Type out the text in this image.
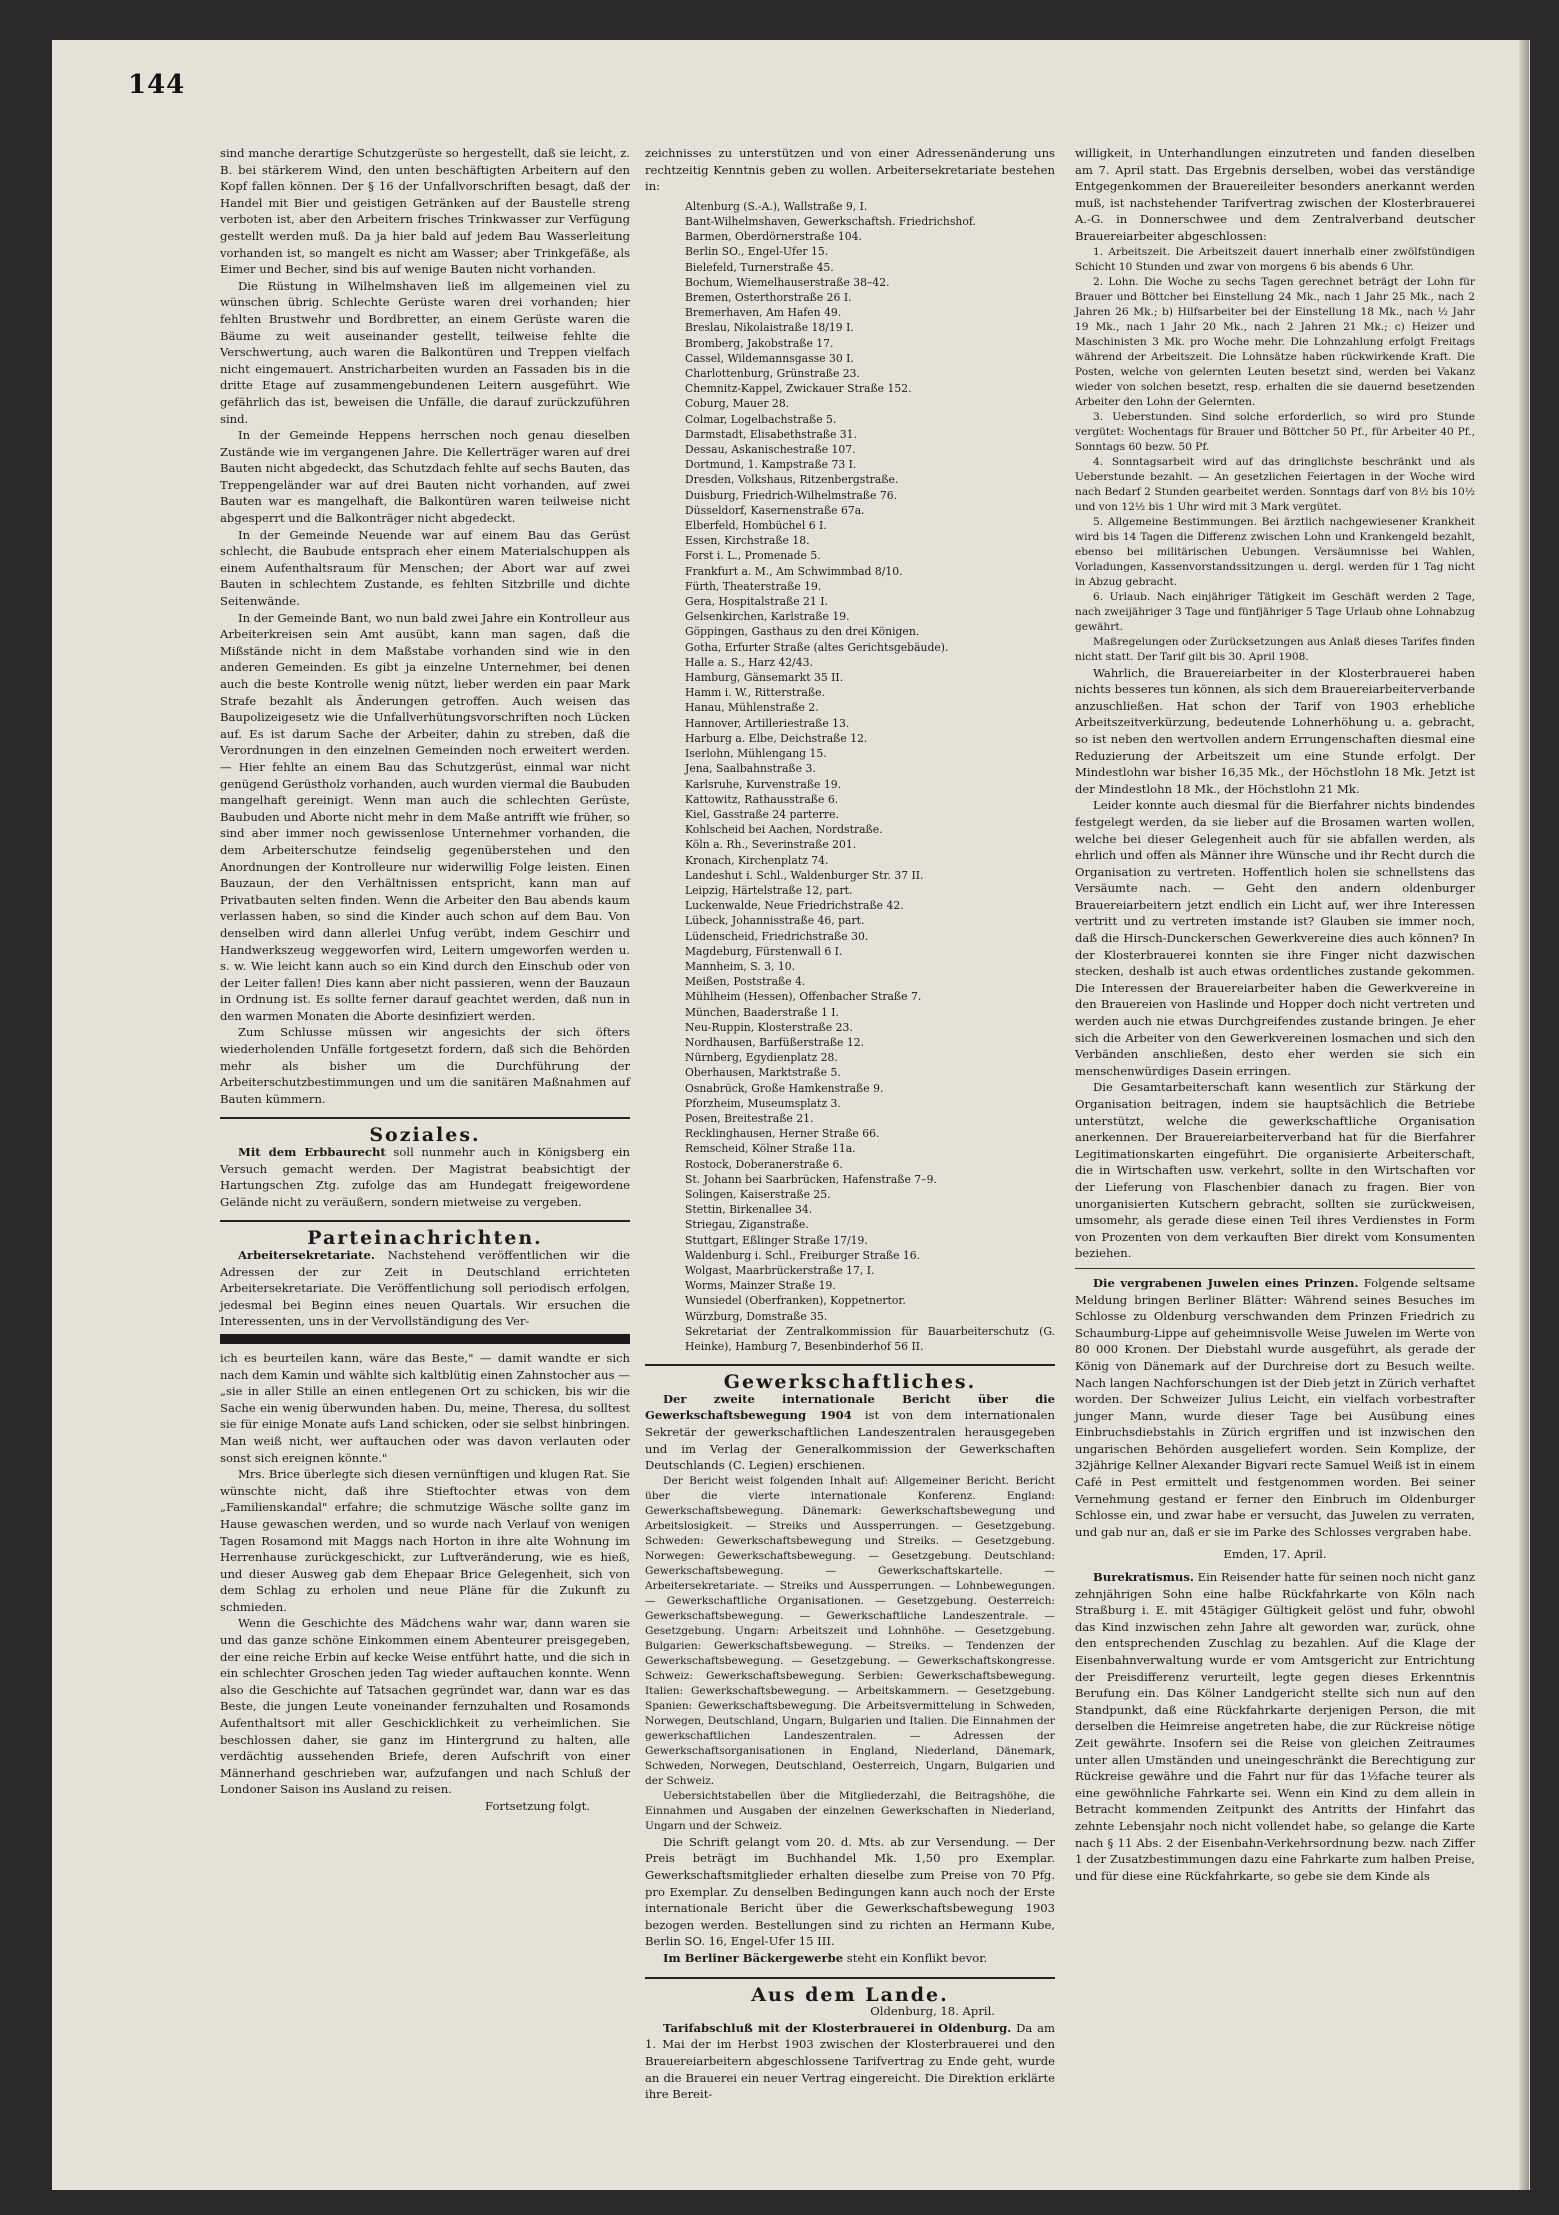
144

sind manche derartige Schutzgerüste so hergestellt, daß sie leicht, z. B. bei stärkerem Wind, den unten beschäftigten Arbeitern auf den Kopf fallen können. Der § 16 der Unfallvorschriften besagt, daß der Handel mit Bier und geistigen Getränken auf der Baustelle streng verboten ist, aber den Arbeitern frisches Trinkwasser zur Verfügung gestellt werden muß. Da ja hier bald auf jedem Bau Wasserleitung vorhanden ist, so mangelt es nicht am Wasser; aber Trinkgefäße, als Eimer und Becher, sind bis auf wenige Bauten nicht vorhanden.

Die Rüstung in Wilhelmshaven ließ im allgemeinen viel zu wünschen übrig. Schlechte Gerüste waren drei vorhanden; hier fehlten Brustwehr und Bordbretter, an einem Gerüste waren die Bäume zu weit auseinander gestellt, teilweise fehlte die Verschwertung, auch waren die Balkontüren und Treppen vielfach nicht eingemauert. Anstricharbeiten wurden an Fassaden bis in die dritte Etage auf zusammengebundenen Leitern ausgeführt. Wie gefährlich das ist, beweisen die Unfälle, die darauf zurückzuführen sind.

In der Gemeinde Heppens herrschen noch genau dieselben Zustände wie im vergangenen Jahre. Die Kellerträger waren auf drei Bauten nicht abgedeckt, das Schutzdach fehlte auf sechs Bauten, das Treppengeländer war auf drei Bauten nicht vorhanden, auf zwei Bauten war es mangelhaft, die Balkontüren waren teilweise nicht abgesperrt und die Balkonträger nicht abgedeckt.

In der Gemeinde Neuende war auf einem Bau das Gerüst schlecht, die Baubude entsprach eher einem Materialschuppen als einem Aufenthaltsraum für Menschen; der Abort war auf zwei Bauten in schlechtem Zustande, es fehlten Sitzbrille und dichte Seitenwände.

In der Gemeinde Bant, wo nun bald zwei Jahre ein Kontrolleur aus Arbeiterkreisen sein Amt ausübt, kann man sagen, daß die Mißstände nicht in dem Maßstabe vorhanden sind wie in den anderen Gemeinden. Es gibt ja einzelne Unternehmer, bei denen auch die beste Kontrolle wenig nützt, lieber werden ein paar Mark Strafe bezahlt als Änderungen getroffen. Auch weisen das Baupolizeigesetz wie die Unfallverhütungsvorschriften noch Lücken auf. Es ist darum Sache der Arbeiter, dahin zu streben, daß die Verordnungen in den einzelnen Gemeinden noch erweitert werden. — Hier fehlte an einem Bau das Schutzgerüst, einmal war nicht genügend Gerüstholz vorhanden, auch wurden viermal die Baubuden mangelhaft gereinigt. Wenn man auch die schlechten Gerüste, Baubuden und Aborte nicht mehr in dem Maße antrifft wie früher, so sind aber immer noch gewissenlose Unternehmer vorhanden, die dem Arbeiterschutze feindselig gegenüberstehen und den Anordnungen der Kontrolleure nur widerwillig Folge leisten. Einen Bauzaun, der den Verhältnissen entspricht, kann man auf Privatbauten selten finden. Wenn die Arbeiter den Bau abends kaum verlassen haben, so sind die Kinder auch schon auf dem Bau. Von denselben wird dann allerlei Unfug verübt, indem Geschirr und Handwerkszeug weggeworfen wird, Leitern umgeworfen werden u. s. w. Wie leicht kann auch so ein Kind durch den Einschub oder von der Leiter fallen! Dies kann aber nicht passieren, wenn der Bauzaun in Ordnung ist. Es sollte ferner darauf geachtet werden, daß nun in den warmen Monaten die Aborte desinfiziert werden.

Zum Schlusse müssen wir angesichts der sich öfters wiederholenden Unfälle fortgesetzt fordern, daß sich die Behörden mehr als bisher um die Durchführung der Arbeiterschutzbestimmungen und um die sanitären Maßnahmen auf Bauten kümmern.

Soziales.

Mit dem Erbbaurecht soll nunmehr auch in Königsberg ein Versuch gemacht werden. Der Magistrat beabsichtigt der Hartungschen Ztg. zufolge das am Hundegatt freigewordene Gelände nicht zu veräußern, sondern mietweise zu vergeben.

Parteinachrichten.

Arbeitersekretariate. Nachstehend veröffentlichen wir die Adressen der zur Zeit in Deutschland errichteten Arbeitersekretariate. Die Veröffentlichung soll periodisch erfolgen, jedesmal bei Beginn eines neuen Quartals. Wir ersuchen die Interessenten, uns in der Vervollständigung des Ver-

ich es beurteilen kann, wäre das Beste," — damit wandte er sich nach dem Kamin und wählte sich kaltblütig einen Zahnstocher aus — „sie in aller Stille an einen entlegenen Ort zu schicken, bis wir die Sache ein wenig überwunden haben. Du, meine, Theresa, du solltest sie für einige Monate aufs Land schicken, oder sie selbst hinbringen. Man weiß nicht, wer auftauchen oder was davon verlauten oder sonst sich ereignen könnte."

Mrs. Brice überlegte sich diesen vernünftigen und klugen Rat. Sie wünschte nicht, daß ihre Stieftochter etwas von dem „Familienskandal" erfahre; die schmutzige Wäsche sollte ganz im Hause gewaschen werden, und so wurde nach Verlauf von wenigen Tagen Rosamond mit Maggs nach Horton in ihre alte Wohnung im Herrenhause zurückgeschickt, zur Luftveränderung, wie es hieß, und dieser Ausweg gab dem Ehepaar Brice Gelegenheit, sich von dem Schlag zu erholen und neue Pläne für die Zukunft zu schmieden.

Wenn die Geschichte des Mädchens wahr war, dann waren sie und das ganze schöne Einkommen einem Abenteurer preisgegeben, der eine reiche Erbin auf kecke Weise entführt hatte, und die sich in ein schlechter Groschen jeden Tag wieder auftauchen konnte. Wenn also die Geschichte auf Tatsachen gegründet war, dann war es das Beste, die jungen Leute voneinander fernzuhalten und Rosamonds Aufenthaltsort mit aller Geschicklichkeit zu verheimlichen. Sie beschlossen daher, sie ganz im Hintergrund zu halten, alle verdächtig aussehenden Briefe, deren Aufschrift von einer Männerhand geschrieben war, aufzufangen und nach Schluß der Londoner Saison ins Ausland zu reisen.

Fortsetzung folgt.

zeichnisses zu unterstützen und von einer Adressenänderung uns rechtzeitig Kenntnis geben zu wollen. Arbeitersekretariate bestehen in:

Altenburg (S.-A.), Wallstraße 9, I.

Bant-Wilhelmshaven, Gewerkschaftsh. Friedrichshof.

Barmen, Oberdörnerstraße 104.

Berlin SO., Engel-Ufer 15.

Bielefeld, Turnerstraße 45.

Bochum, Wiemelhauserstraße 38–42.

Bremen, Osterthorstraße 26 I.

Bremerhaven, Am Hafen 49.

Breslau, Nikolaistraße 18/19 I.

Bromberg, Jakobstraße 17.

Cassel, Wildemannsgasse 30 I.

Charlottenburg, Grünstraße 23.

Chemnitz-Kappel, Zwickauer Straße 152.

Coburg, Mauer 28.

Colmar, Logelbachstraße 5.

Darmstadt, Elisabethstraße 31.

Dessau, Askanischestraße 107.

Dortmund, 1. Kampstraße 73 I.

Dresden, Volkshaus, Ritzenbergstraße.

Duisburg, Friedrich-Wilhelmstraße 76.

Düsseldorf, Kasernenstraße 67a.

Elberfeld, Hombüchel 6 I.

Essen, Kirchstraße 18.

Forst i. L., Promenade 5.

Frankfurt a. M., Am Schwimmbad 8/10.

Fürth, Theaterstraße 19.

Gera, Hospitalstraße 21 I.

Gelsenkirchen, Karlstraße 19.

Göppingen, Gasthaus zu den drei Königen.

Gotha, Erfurter Straße (altes Gerichtsgebäude).

Halle a. S., Harz 42/43.

Hamburg, Gänsemarkt 35 II.

Hamm i. W., Ritterstraße.

Hanau, Mühlenstraße 2.

Hannover, Artilleriestraße 13.

Harburg a. Elbe, Deichstraße 12.

Iserlohn, Mühlengang 15.

Jena, Saalbahnstraße 3.

Karlsruhe, Kurvenstraße 19.

Kattowitz, Rathausstraße 6.

Kiel, Gasstraße 24 parterre.

Kohlscheid bei Aachen, Nordstraße.

Köln a. Rh., Severinstraße 201.

Kronach, Kirchenplatz 74.

Landeshut i. Schl., Waldenburger Str. 37 II.

Leipzig, Härtelstraße 12, part.

Luckenwalde, Neue Friedrichstraße 42.

Lübeck, Johannisstraße 46, part.

Lüdenscheid, Friedrichstraße 30.

Magdeburg, Fürstenwall 6 I.

Mannheim, S. 3, 10.

Meißen, Poststraße 4.

Mühlheim (Hessen), Offenbacher Straße 7.

München, Baaderstraße 1 I.

Neu-Ruppin, Klosterstraße 23.

Nordhausen, Barfüßerstraße 12.

Nürnberg, Egydienplatz 28.

Oberhausen, Marktstraße 5.

Osnabrück, Große Hamkenstraße 9.

Pforzheim, Museumsplatz 3.

Posen, Breitestraße 21.

Recklinghausen, Herner Straße 66.

Remscheid, Kölner Straße 11a.

Rostock, Doberanerstraße 6.

St. Johann bei Saarbrücken, Hafenstraße 7–9.

Solingen, Kaiserstraße 25.

Stettin, Birkenallee 34.

Striegau, Ziganstraße.

Stuttgart, Eßlinger Straße 17/19.

Waldenburg i. Schl., Freiburger Straße 16.

Wolgast, Maarbrückerstraße 17, I.

Worms, Mainzer Straße 19.

Wunsiedel (Oberfranken), Koppetnertor.

Würzburg, Domstraße 35.

Sekretariat der Zentralkommission für Bauarbeiterschutz (G. Heinke), Hamburg 7, Besenbinderhof 56 II.

Gewerkschaftliches.

Der zweite internationale Bericht über die Gewerkschaftsbewegung 1904 ist von dem internationalen Sekretär der gewerkschaftlichen Landeszentralen herausgegeben und im Verlag der Generalkommission der Gewerkschaften Deutschlands (C. Legien) erschienen.

Der Bericht weist folgenden Inhalt auf: Allgemeiner Bericht. Bericht über die vierte internationale Konferenz. England: Gewerkschaftsbewegung. Dänemark: Gewerkschaftsbewegung und Arbeitslosigkeit. — Streiks und Aussperrungen. — Gesetzgebung. Schweden: Gewerkschaftsbewegung und Streiks. — Gesetzgebung. Norwegen: Gewerkschaftsbewegung. — Gesetzgebung. Deutschland: Gewerkschaftsbewegung. — Gewerkschaftskartelle. — Arbeitersekretariate. — Streiks und Aussperrungen. — Lohnbewegungen. — Gewerkschaftliche Organisationen. — Gesetzgebung. Oesterreich: Gewerkschaftsbewegung. — Gewerkschaftliche Landeszentrale. — Gesetzgebung. Ungarn: Arbeitszeit und Lohnhöhe. — Gesetzgebung. Bulgarien: Gewerkschaftsbewegung. — Streiks. — Tendenzen der Gewerkschaftsbewegung. — Gesetzgebung. — Gewerkschaftskongresse. Schweiz: Gewerkschaftsbewegung. Serbien: Gewerkschaftsbewegung. Italien: Gewerkschaftsbewegung. — Arbeitskammern. — Gesetzgebung. Spanien: Gewerkschaftsbewegung. Die Arbeitsvermittelung in Schweden, Norwegen, Deutschland, Ungarn, Bulgarien und Italien. Die Einnahmen der gewerkschaftlichen Landeszentralen. — Adressen der Gewerkschaftsorganisationen in England, Niederland, Dänemark, Schweden, Norwegen, Deutschland, Oesterreich, Ungarn, Bulgarien und der Schweiz.

Uebersichtstabellen über die Mitgliederzahl, die Beitragshöhe, die Einnahmen und Ausgaben der einzelnen Gewerkschaften in Niederland, Ungarn und der Schweiz.

Die Schrift gelangt vom 20. d. Mts. ab zur Versendung. — Der Preis beträgt im Buchhandel Mk. 1,50 pro Exemplar. Gewerkschaftsmitglieder erhalten dieselbe zum Preise von 70 Pfg. pro Exemplar. Zu denselben Bedingungen kann auch noch der Erste internationale Bericht über die Gewerkschaftsbewegung 1903 bezogen werden. Bestellungen sind zu richten an Hermann Kube, Berlin SO. 16, Engel-Ufer 15 III.

Im Berliner Bäckergewerbe steht ein Konflikt bevor.

Aus dem Lande.

Oldenburg, 18. April.

Tarifabschluß mit der Klosterbrauerei in Oldenburg. Da am 1. Mai der im Herbst 1903 zwischen der Klosterbrauerei und den Brauereiarbeitern abgeschlossene Tarifvertrag zu Ende geht, wurde an die Brauerei ein neuer Vertrag eingereicht. Die Direktion erklärte ihre Bereit-

willigkeit, in Unterhandlungen einzutreten und fanden dieselben am 7. April statt. Das Ergebnis derselben, wobei das verständige Entgegenkommen der Brauereileiter besonders anerkannt werden muß, ist nachstehender Tarifvertrag zwischen der Klosterbrauerei A.-G. in Donnerschwee und dem Zentralverband deutscher Brauereiarbeiter abgeschlossen:

1. Arbeitszeit. Die Arbeitszeit dauert innerhalb einer zwölfstündigen Schicht 10 Stunden und zwar von morgens 6 bis abends 6 Uhr.

2. Lohn. Die Woche zu sechs Tagen gerechnet beträgt der Lohn für Brauer und Böttcher bei Einstellung 24 Mk., nach 1 Jahr 25 Mk., nach 2 Jahren 26 Mk.; b) Hilfsarbeiter bei der Einstellung 18 Mk., nach ½ Jahr 19 Mk., nach 1 Jahr 20 Mk., nach 2 Jahren 21 Mk.; c) Heizer und Maschinisten 3 Mk. pro Woche mehr. Die Lohnzahlung erfolgt Freitags während der Arbeitszeit. Die Lohnsätze haben rückwirkende Kraft. Die Posten, welche von gelernten Leuten besetzt sind, werden bei Vakanz wieder von solchen besetzt, resp. erhalten die sie dauernd besetzenden Arbeiter den Lohn der Gelernten.

3. Ueberstunden. Sind solche erforderlich, so wird pro Stunde vergütet: Wochentags für Brauer und Böttcher 50 Pf., für Arbeiter 40 Pf., Sonntags 60 bezw. 50 Pf.

4. Sonntagsarbeit wird auf das dringlichste beschränkt und als Ueberstunde bezahlt. — An gesetzlichen Feiertagen in der Woche wird nach Bedarf 2 Stunden gearbeitet werden. Sonntags darf von 8½ bis 10½ und von 12½ bis 1 Uhr wird mit 3 Mark vergütet.

5. Allgemeine Bestimmungen. Bei ärztlich nachgewiesener Krankheit wird bis 14 Tagen die Differenz zwischen Lohn und Krankengeld bezahlt, ebenso bei militärischen Uebungen. Versäumnisse bei Wahlen, Vorladungen, Kassenvorstandssitzungen u. dergl. werden für 1 Tag nicht in Abzug gebracht.

6. Urlaub. Nach einjähriger Tätigkeit im Geschäft werden 2 Tage, nach zweijähriger 3 Tage und fünfjähriger 5 Tage Urlaub ohne Lohnabzug gewährt.

Maßregelungen oder Zurücksetzungen aus Anlaß dieses Tarifes finden nicht statt. Der Tarif gilt bis 30. April 1908.

Wahrlich, die Brauereiarbeiter in der Klosterbrauerei haben nichts besseres tun können, als sich dem Brauereiarbeiterverbande anzuschließen. Hat schon der Tarif von 1903 erhebliche Arbeitszeitverkürzung, bedeutende Lohnerhöhung u. a. gebracht, so ist neben den wertvollen andern Errungenschaften diesmal eine Reduzierung der Arbeitszeit um eine Stunde erfolgt. Der Mindestlohn war bisher 16,35 Mk., der Höchstlohn 18 Mk. Jetzt ist der Mindestlohn 18 Mk., der Höchstlohn 21 Mk.

Leider konnte auch diesmal für die Bierfahrer nichts bindendes festgelegt werden, da sie lieber auf die Brosamen warten wollen, welche bei dieser Gelegenheit auch für sie abfallen werden, als ehrlich und offen als Männer ihre Wünsche und ihr Recht durch die Organisation zu vertreten. Hoffentlich holen sie schnellstens das Versäumte nach. — Geht den andern oldenburger Brauereiarbeitern jetzt endlich ein Licht auf, wer ihre Interessen vertritt und zu vertreten imstande ist? Glauben sie immer noch, daß die Hirsch-Dunckerschen Gewerkvereine dies auch können? In der Klosterbrauerei konnten sie ihre Finger nicht dazwischen stecken, deshalb ist auch etwas ordentliches zustande gekommen. Die Interessen der Brauereiarbeiter haben die Gewerkvereine in den Brauereien von Haslinde und Hopper doch nicht vertreten und werden auch nie etwas Durchgreifendes zustande bringen. Je eher sich die Arbeiter von den Gewerkvereinen losmachen und sich den Verbänden anschließen, desto eher werden sie sich ein menschenwürdiges Dasein erringen.

Die Gesamtarbeiterschaft kann wesentlich zur Stärkung der Organisation beitragen, indem sie hauptsächlich die Betriebe unterstützt, welche die gewerkschaftliche Organisation anerkennen. Der Brauereiarbeiterverband hat für die Bierfahrer Legitimationskarten eingeführt. Die organisierte Arbeiterschaft, die in Wirtschaften usw. verkehrt, sollte in den Wirtschaften vor der Lieferung von Flaschenbier danach zu fragen. Bier von unorganisierten Kutschern gebracht, sollten sie zurückweisen, umsomehr, als gerade diese einen Teil ihres Verdienstes in Form von Prozenten von dem verkauften Bier direkt vom Konsumenten beziehen.

Die vergrabenen Juwelen eines Prinzen. Folgende seltsame Meldung bringen Berliner Blätter: Während seines Besuches im Schlosse zu Oldenburg verschwanden dem Prinzen Friedrich zu Schaumburg-Lippe auf geheimnisvolle Weise Juwelen im Werte von 80 000 Kronen. Der Diebstahl wurde ausgeführt, als gerade der König von Dänemark auf der Durchreise dort zu Besuch weilte. Nach langen Nachforschungen ist der Dieb jetzt in Zürich verhaftet worden. Der Schweizer Julius Leicht, ein vielfach vorbestrafter junger Mann, wurde dieser Tage bei Ausübung eines Einbruchsdiebstahls in Zürich ergriffen und ist inzwischen den ungarischen Behörden ausgeliefert worden. Sein Komplize, der 32jährige Kellner Alexander Bigvari recte Samuel Weiß ist in einem Café in Pest ermittelt und festgenommen worden. Bei seiner Vernehmung gestand er ferner den Einbruch im Oldenburger Schlosse ein, und zwar habe er versucht, das Juwelen zu verraten, und gab nur an, daß er sie im Parke des Schlosses vergraben habe.

Emden, 17. April.

Burekratismus. Ein Reisender hatte für seinen noch nicht ganz zehnjährigen Sohn eine halbe Rückfahrkarte von Köln nach Straßburg i. E. mit 45tägiger Gültigkeit gelöst und fuhr, obwohl das Kind inzwischen zehn Jahre alt geworden war, zurück, ohne den entsprechenden Zuschlag zu bezahlen. Auf die Klage der Eisenbahnverwaltung wurde er vom Amtsgericht zur Entrichtung der Preisdifferenz verurteilt, legte gegen dieses Erkenntnis Berufung ein. Das Kölner Landgericht stellte sich nun auf den Standpunkt, daß eine Rückfahrkarte derjenigen Person, die mit derselben die Heimreise angetreten habe, die zur Rückreise nötige Zeit gewährte. Insofern sei die Reise von gleichen Zeitraumes unter allen Umständen und uneingeschränkt die Berechtigung zur Rückreise gewähre und die Fahrt nur für das 1½fache teurer als eine gewöhnliche Fahrkarte sei. Wenn ein Kind zu dem allein in Betracht kommenden Zeitpunkt des Antritts der Hinfahrt das zehnte Lebensjahr noch nicht vollendet habe, so gelange die Karte nach § 11 Abs. 2 der Eisenbahn-Verkehrsordnung bezw. nach Ziffer 1 der Zusatzbestimmungen dazu eine Fahrkarte zum halben Preise, und für diese eine Rückfahrkarte, so gebe sie dem Kinde als
